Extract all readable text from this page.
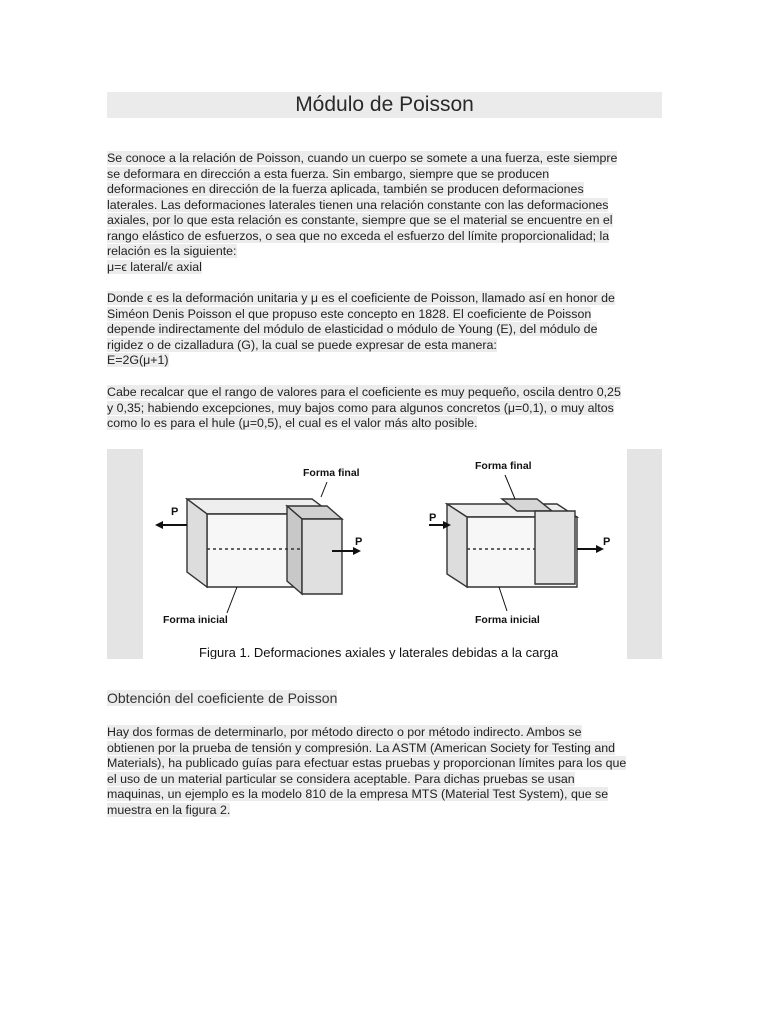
Módulo de Poisson
Se conoce a la relación de Poisson, cuando un cuerpo se somete a una fuerza, este siempre
se deformara en dirección a esta fuerza. Sin embargo, siempre que se producen
deformaciones en dirección de la fuerza aplicada, también se producen deformaciones
laterales. Las deformaciones laterales tienen una relación constante con las deformaciones
axiales, por lo que esta relación es constante, siempre que se el material se encuentre en el
rango elástico de esfuerzos, o sea que no exceda el esfuerzo del límite proporcionalidad; la
relación es la siguiente:
μ=ϵ lateral/ϵ axial
Donde ϵ es la deformación unitaria y μ es el coeficiente de Poisson, llamado así en honor de
Siméon Denis Poisson el que propuso este concepto en 1828. El coeficiente de Poisson
depende indirectamente del módulo de elasticidad o módulo de Young (E), del módulo de
rigidez o de cizalladura (G), la cual se puede expresar de esta manera:
E=2G(μ+1)
Cabe recalcar que el rango de valores para el coeficiente es muy pequeño, oscila dentro 0,25
y 0,35; habiendo excepciones, muy bajos como para algunos concretos (μ=0,1), o muy altos
como lo es para el hule (μ=0,5), el cual es el valor más alto posible.
P
P
Forma final
Forma inicial
P
P
Forma final
Forma inicial
Figura 1. Deformaciones axiales y laterales debidas a la carga
Obtención del coeficiente de Poisson
Hay dos formas de determinarlo, por método directo o por método indirecto. Ambos se
obtienen por la prueba de tensión y compresión. La ASTM (American Society for Testing and
Materials), ha publicado guías para efectuar estas pruebas y proporcionan límites para los que
el uso de un material particular se considera aceptable. Para dichas pruebas se usan
maquinas, un ejemplo es la modelo 810 de la empresa MTS (Material Test System), que se
muestra en la figura 2.
